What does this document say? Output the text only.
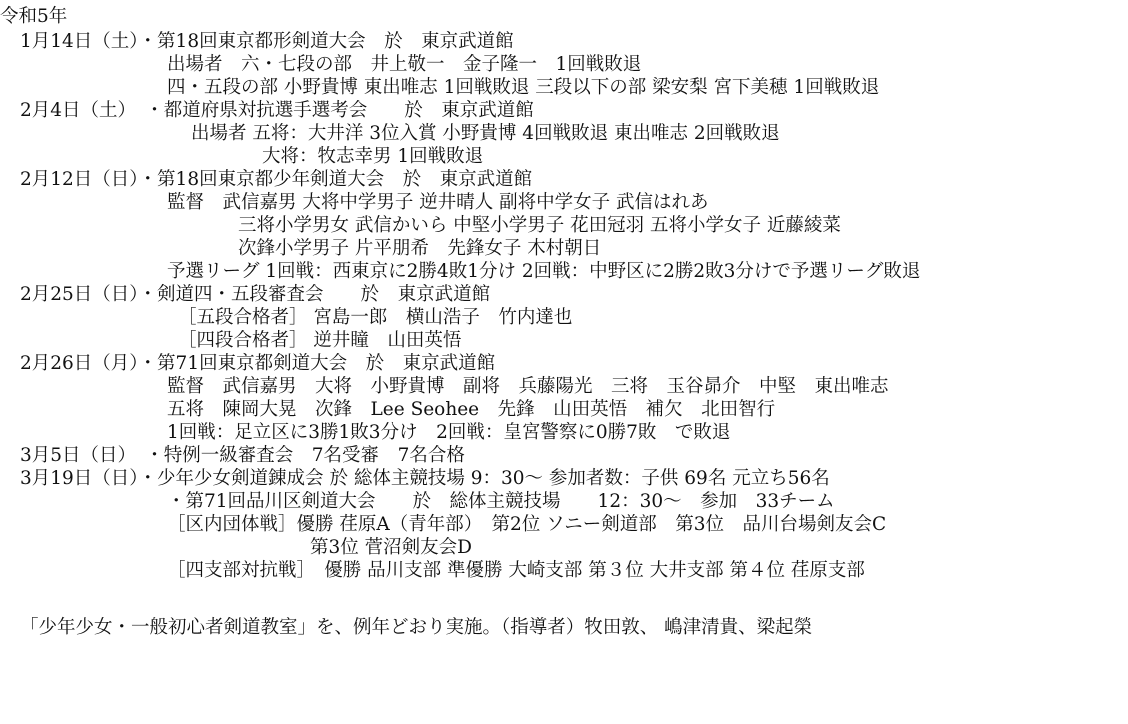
令和5年
1月14日（土）・第18回東京都形剣道大会　於　東京武道館
出場者　六・七段の部　井上敬一　金子隆一　1回戦敗退
四・五段の部 小野貴博 東出唯志 1回戦敗退 三段以下の部 梁安梨 宮下美穂 1回戦敗退
2月4日（土）　・都道府県対抗選手選考会　　於　東京武道館
出場者 五将：大井洋 3位入賞 小野貴博 4回戦敗退 東出唯志 2回戦敗退
大将：牧志幸男 1回戦敗退
2月12日（日）・第18回東京都少年剣道大会　於　東京武道館
監督　武信嘉男 大将中学男子 逆井晴人 副将中学女子 武信はれあ
三将小学男女 武信かいら 中堅小学男子 花田冠羽 五将小学女子 近藤綾菜
次鋒小学男子 片平朋希　先鋒女子 木村朝日
予選リーグ 1回戦：西東京に2勝4敗1分け 2回戦：中野区に2勝2敗3分けで予選リーグ敗退
2月25日（日）・剣道四・五段審査会　　於　東京武道館
［五段合格者］ 宮島一郎　横山浩子　竹内達也
［四段合格者］ 逆井瞳　山田英悟
2月26日（月）・第71回東京都剣道大会　於　東京武道館
監督　武信嘉男　大将　小野貴博　副将　兵藤陽光　三将　玉谷昴介　中堅　東出唯志
五将　陳岡大晃　次鋒　Lee Seohee　先鋒　山田英悟　補欠　北田智行
1回戦：足立区に3勝1敗3分け　2回戦：皇宮警察に0勝7敗　で敗退
3月5日（日）　・特例一級審査会　7名受審　7名合格
3月19日（日）・少年少女剣道錬成会 於 総体主競技場 9：30～ 参加者数：子供 69名 元立ち56名
・第71回品川区剣道大会　　於　総体主競技場　　12：30～　参加　33チーム
［区内団体戦］優勝 荏原A（青年部）　第2位 ソニー剣道部　第3位　品川台場剣友会C
第3位 菅沼剣友会D
［四支部対抗戦］　優勝 品川支部 準優勝 大崎支部 第３位 大井支部 第４位 荏原支部
「少年少女・一般初心者剣道教室」を、例年どおり実施。（指導者）牧田敦、 嶋津清貴、梁起榮
